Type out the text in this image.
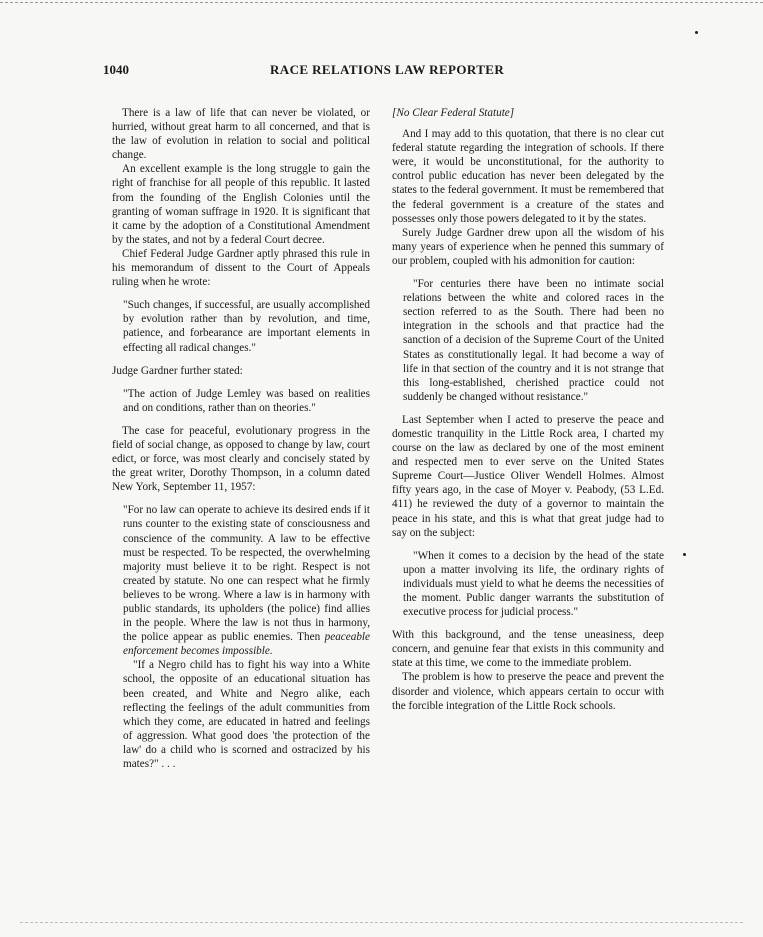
1040	RACE RELATIONS LAW REPORTER

There is a law of life that can never be violated, or hurried, without great harm to all concerned, and that is the law of evolution in relation to social and political change.

An excellent example is the long struggle to gain the right of franchise for all people of this republic. It lasted from the founding of the English Colonies until the granting of woman suffrage in 1920. It is significant that it came by the adoption of a Constitutional Amendment by the states, and not by a federal Court decree.

Chief Federal Judge Gardner aptly phrased this rule in his memorandum of dissent to the Court of Appeals ruling when he wrote:

"Such changes, if successful, are usually accomplished by evolution rather than by revolution, and time, patience, and forbearance are important elements in effecting all radical changes."

Judge Gardner further stated:

"The action of Judge Lemley was based on realities and on conditions, rather than on theories."

The case for peaceful, evolutionary progress in the field of social change, as opposed to change by law, court edict, or force, was most clearly and concisely stated by the great writer, Dorothy Thompson, in a column dated New York, September 11, 1957:

"For no law can operate to achieve its desired ends if it runs counter to the existing state of consciousness and conscience of the community. A law to be effective must be respected. To be respected, the overwhelming majority must believe it to be right. Respect is not created by statute. No one can respect what he firmly believes to be wrong. Where a law is in harmony with public standards, its upholders (the police) find allies in the people. Where the law is not thus in harmony, the police appear as public enemies. Then peaceable enforcement becomes impossible.

"If a Negro child has to fight his way into a White school, the opposite of an educational situation has been created, and White and Negro alike, each reflecting the feelings of the adult communities from which they come, are educated in hatred and feelings of aggression. What good does 'the protection of the law' do a child who is scorned and ostracized by his mates?" . . .

[No Clear Federal Statute]

And I may add to this quotation, that there is no clear cut federal statute regarding the integration of schools. If there were, it would be unconstitutional, for the authority to control public education has never been delegated by the states to the federal government. It must be remembered that the federal government is a creature of the states and possesses only those powers delegated to it by the states.

Surely Judge Gardner drew upon all the wisdom of his many years of experience when he penned this summary of our problem, coupled with his admonition for caution:

"For centuries there have been no intimate social relations between the white and colored races in the section referred to as the South. There had been no integration in the schools and that practice had the sanction of a decision of the Supreme Court of the United States as constitutionally legal. It had become a way of life in that section of the country and it is not strange that this long-established, cherished practice could not suddenly be changed without resistance."

Last September when I acted to preserve the peace and domestic tranquility in the Little Rock area, I charted my course on the law as declared by one of the most eminent and respected men to ever serve on the United States Supreme Court—Justice Oliver Wendell Holmes. Almost fifty years ago, in the case of Moyer v. Peabody, (53 L.Ed. 411) he reviewed the duty of a governor to maintain the peace in his state, and this is what that great judge had to say on the subject:

"When it comes to a decision by the head of the state upon a matter involving its life, the ordinary rights of individuals must yield to what he deems the necessities of the moment. Public danger warrants the substitution of executive process for judicial process."

With this background, and the tense uneasiness, deep concern, and genuine fear that exists in this community and state at this time, we come to the immediate problem.

The problem is how to preserve the peace and prevent the disorder and violence, which appears certain to occur with the forcible integration of the Little Rock schools.
